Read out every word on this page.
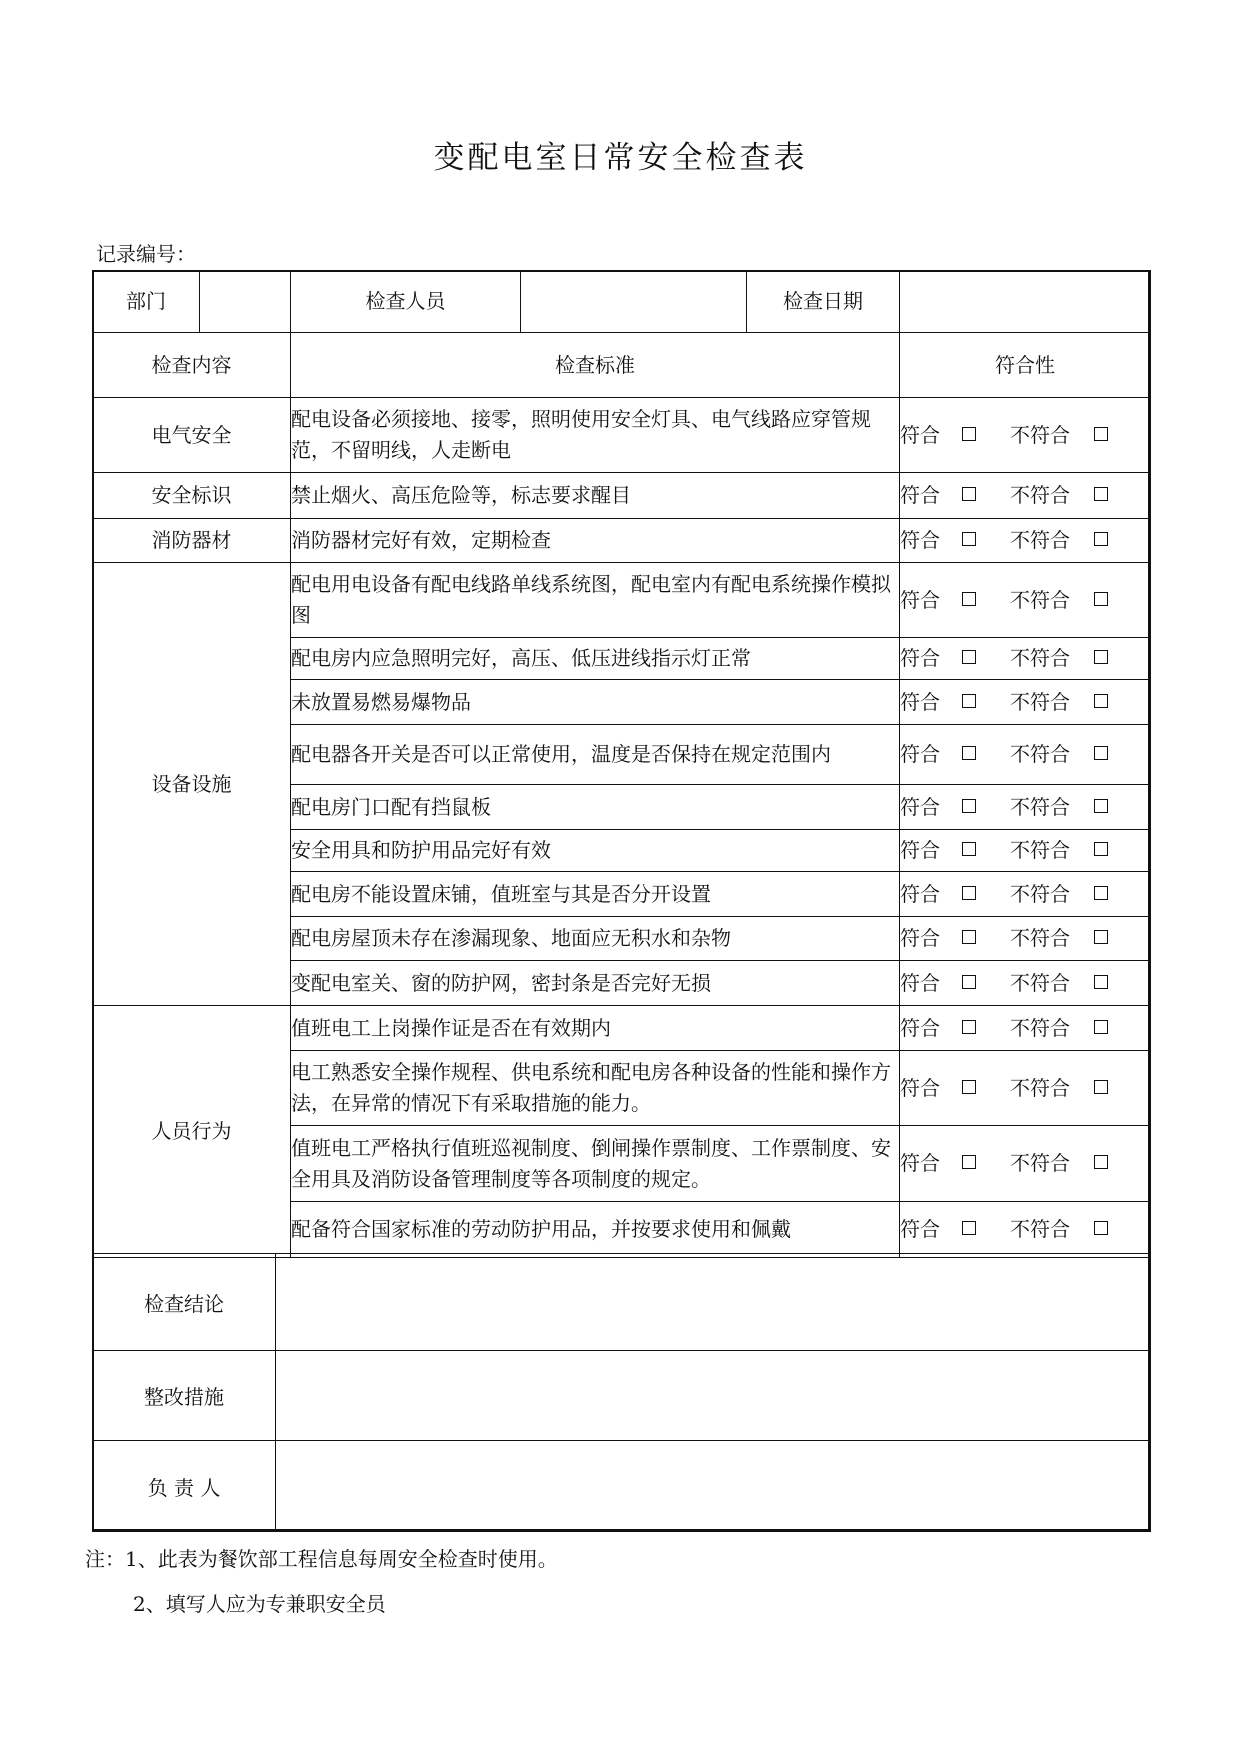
变配电室日常安全检查表
记录编号：
部门		检查人员		检查日期	
检查内容		检查标准			符合性
电气安全		配电设备必须接地、接零，照明使用安全灯具、电气线路应穿管规范，不留明线，人走断电			符合 不符合
安全标识		禁止烟火、高压危险等，标志要求醒目			符合 不符合
消防器材		消防器材完好有效，定期检查			符合 不符合
设备设施		配电用电设备有配电线路单线系统图，配电室内有配电系统操作模拟图			符合 不符合
		配电房内应急照明完好，高压、低压进线指示灯正常			符合 不符合
		未放置易燃易爆物品			符合 不符合
		配电器各开关是否可以正常使用，温度是否保持在规定范围内			符合 不符合
		配电房门口配有挡鼠板			符合 不符合
		安全用具和防护用品完好有效			符合 不符合
		配电房不能设置床铺，值班室与其是否分开设置			符合 不符合
		配电房屋顶未存在渗漏现象、地面应无积水和杂物			符合 不符合
		变配电室关、窗的防护网，密封条是否完好无损			符合 不符合
人员行为		值班电工上岗操作证是否在有效期内			符合 不符合
		电工熟悉安全操作规程、供电系统和配电房各种设备的性能和操作方法，在异常的情况下有采取措施的能力。			符合 不符合
		值班电工严格执行值班巡视制度、倒闸操作票制度、工作票制度、安全用具及消防设备管理制度等各项制度的规定。			符合 不符合
		配备符合国家标准的劳动防护用品，并按要求使用和佩戴			符合 不符合
检查结论	
整改措施	
负 责 人	
注：1、此表为餐饮部工程信息每周安全检查时使用。
2、填写人应为专兼职安全员
